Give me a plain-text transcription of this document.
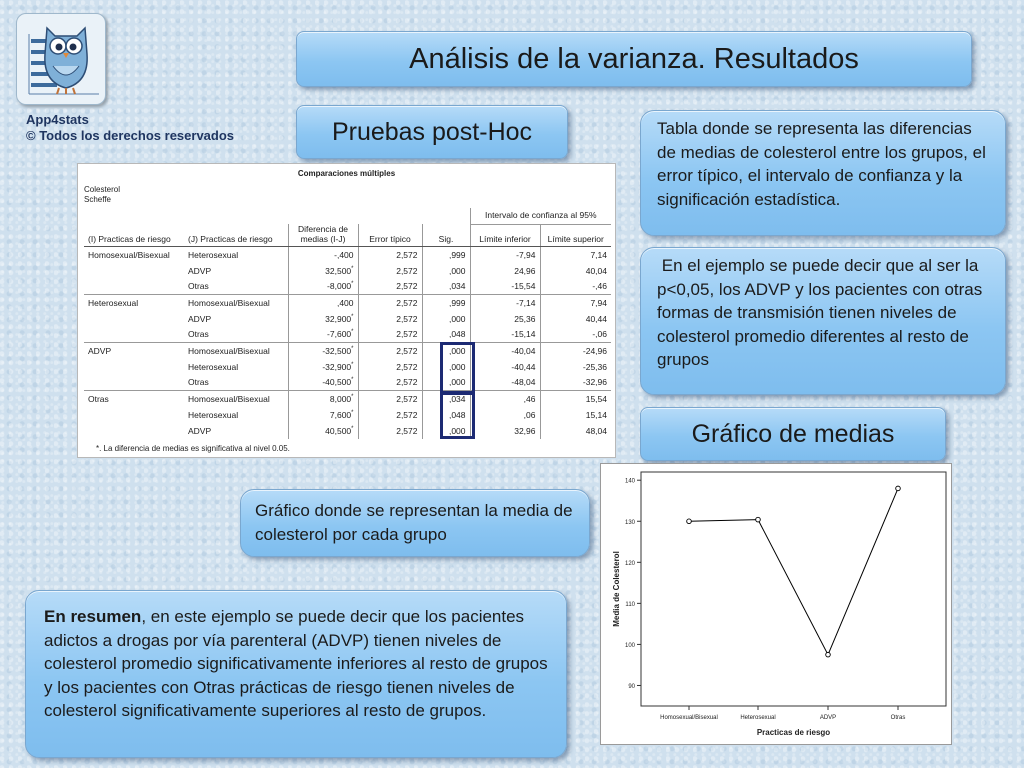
App4stats
© Todos los derechos reservados
Análisis de la varianza. Resultados
Pruebas post-Hoc
Comparaciones múltiples
Colesterol
Scheffe
					Intervalo de confianza al 95%	
(I) Practicas de riesgo	(J) Practicas de riesgo	Diferencia de medias (I-J)	Error típico	Sig.	Límite inferior	Límite superior
Homosexual/Bisexual	Heterosexual	-,400	2,572	,999	-7,94	7,14
	ADVP	32,500*	2,572	,000	24,96	40,04
	Otras	-8,000*	2,572	,034	-15,54	-,46
Heterosexual	Homosexual/Bisexual	,400	2,572	,999	-7,14	7,94
	ADVP	32,900*	2,572	,000	25,36	40,44
	Otras	-7,600*	2,572	,048	-15,14	-,06
ADVP	Homosexual/Bisexual	-32,500*	2,572	,000	-40,04	-24,96
	Heterosexual	-32,900*	2,572	,000	-40,44	-25,36
	Otras	-40,500*	2,572	,000	-48,04	-32,96
Otras	Homosexual/Bisexual	8,000*	2,572	,034	,46	15,54
	Heterosexual	7,600*	2,572	,048	,06	15,14
	ADVP	40,500*	2,572	,000	32,96	48,04
*. La diferencia de medias es significativa al nivel 0.05.
Tabla donde se representa las diferencias de medias de colesterol entre los grupos, el error típico, el intervalo de confianza y la significación estadística.
En el ejemplo se puede decir que al ser la p<0,05, los ADVP y los pacientes con otras formas de transmisión tienen niveles de colesterol promedio diferentes al resto de grupos
Gráfico de medias
Gráfico donde se representan la media de colesterol por cada grupo
En resumen, en este ejemplo se puede decir que los pacientes adictos a drogas por vía parenteral (ADVP) tienen niveles de colesterol promedio significativamente inferiores al resto de grupos y los pacientes con Otras prácticas de riesgo tienen niveles de colesterol significativamente superiores al resto de grupos.
90
100
110
120
130
140
Homosexual/Bisexual	Heterosexual	ADVP	Otras
Practicas de riesgo
Media de Colesterol
